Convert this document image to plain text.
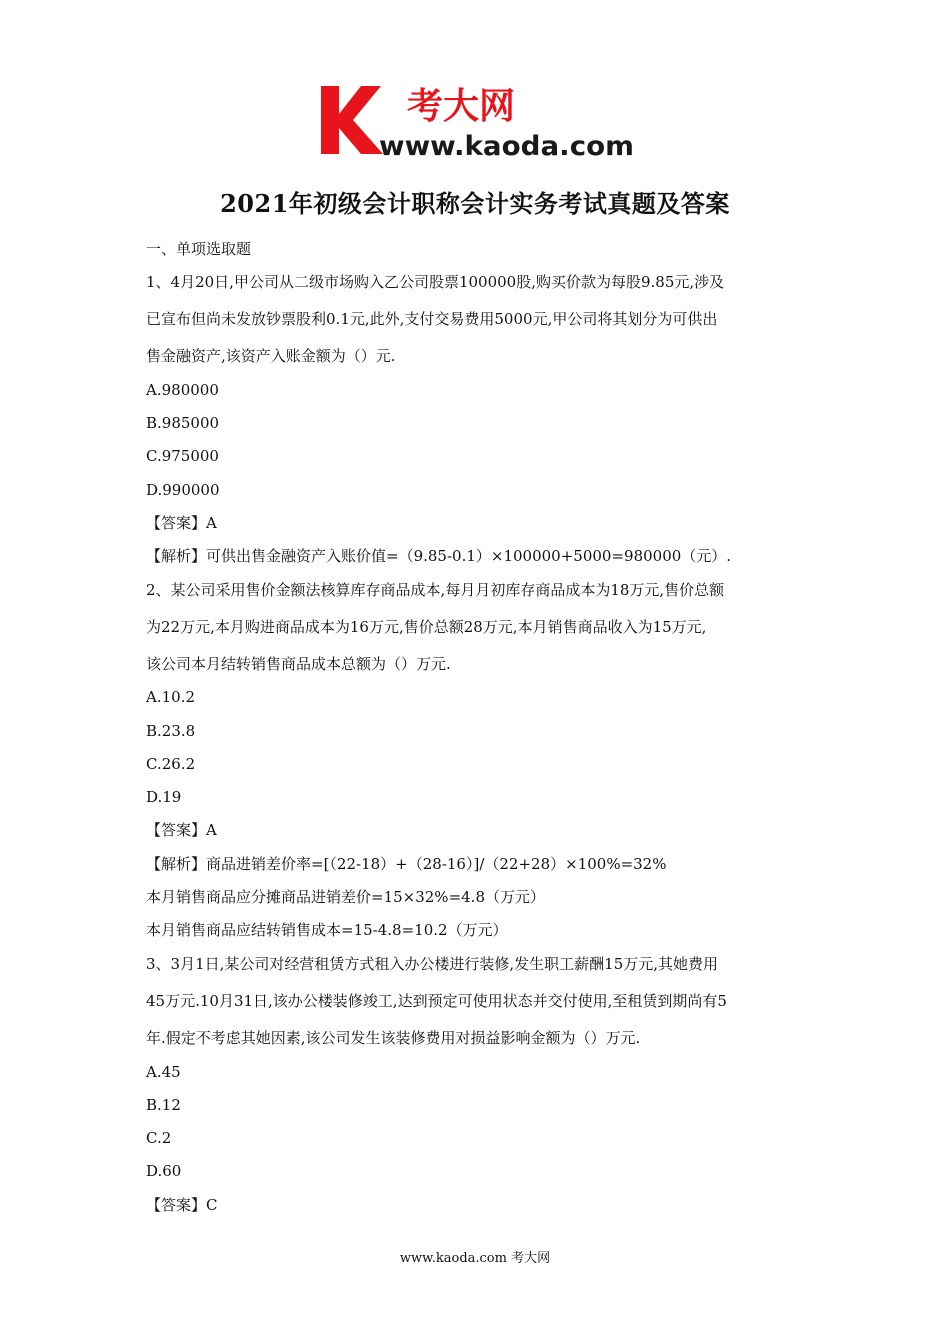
考大网
www.kaoda.com
2021年初级会计职称会计实务考试真题及答案
一、单项选取题
1、4月20日,甲公司从二级市场购入乙公司股票100000股,购买价款为每股9.85元,涉及
已宣布但尚未发放钞票股利0.1元,此外,支付交易费用5000元,甲公司将其划分为可供出
售金融资产,该资产入账金额为（）元.
A.980000
B.985000
C.975000
D.990000
【答案】A
【解析】可供出售金融资产入账价值=（9.85-0.1）×100000+5000=980000（元）.
2、某公司采用售价金额法核算库存商品成本,每月月初库存商品成本为18万元,售价总额
为22万元,本月购进商品成本为16万元,售价总额28万元,本月销售商品收入为15万元,
该公司本月结转销售商品成本总额为（）万元.
A.10.2
B.23.8
C.26.2
D.19
【答案】A
【解析】商品进销差价率=[（22-18）+（28-16）]/（22+28）×100%=32%
本月销售商品应分摊商品进销差价=15×32%=4.8（万元）
本月销售商品应结转销售成本=15-4.8=10.2（万元）
3、3月1日,某公司对经营租赁方式租入办公楼进行装修,发生职工薪酬15万元,其她费用
45万元.10月31日,该办公楼装修竣工,达到预定可使用状态并交付使用,至租赁到期尚有5
年.假定不考虑其她因素,该公司发生该装修费用对损益影响金额为（）万元.
A.45
B.12
C.2
D.60
【答案】C
www.kaoda.com 考大网
